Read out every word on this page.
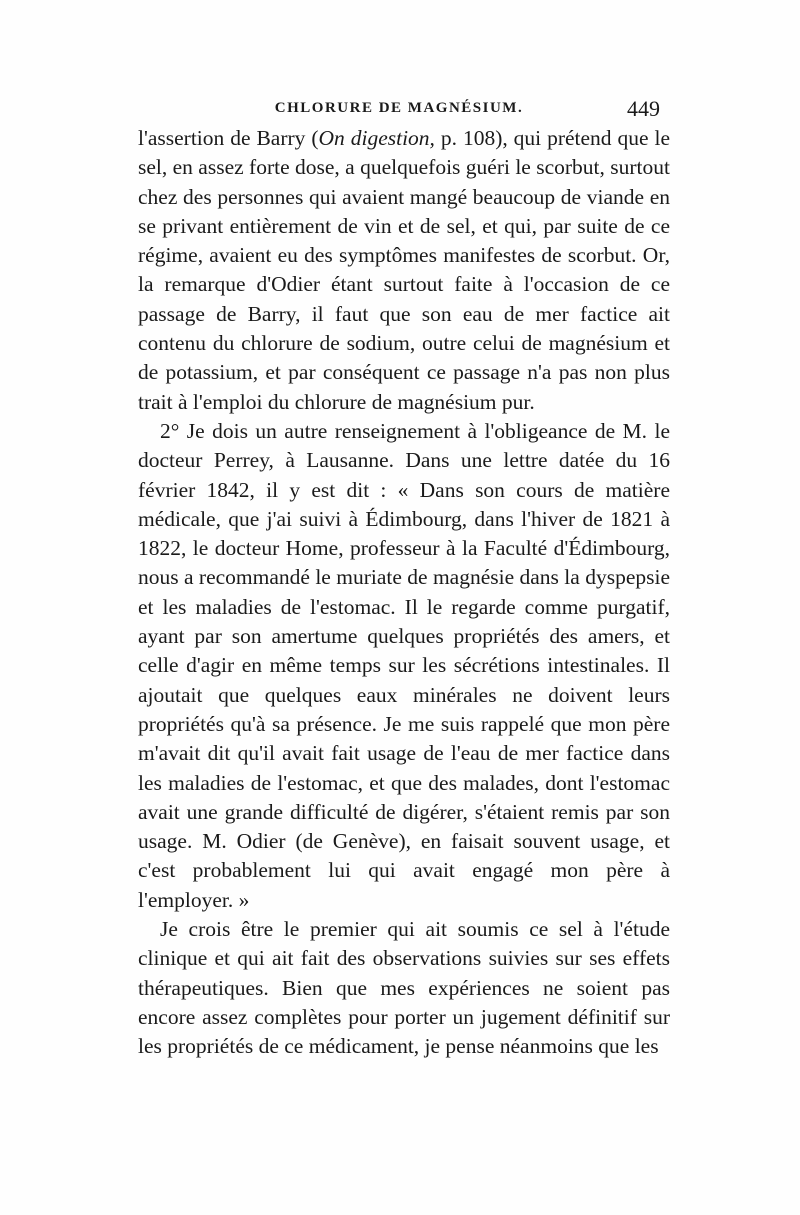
CHLORURE DE MAGNÉSIUM.	449

l'assertion de Barry (On digestion, p. 108), qui prétend que le sel, en assez forte dose, a quelquefois guéri le scorbut, surtout chez des personnes qui avaient mangé beaucoup de viande en se privant entièrement de vin et de sel, et qui, par suite de ce régime, avaient eu des symptômes manifestes de scorbut. Or, la remarque d'Odier étant surtout faite à l'occasion de ce passage de Barry, il faut que son eau de mer factice ait contenu du chlorure de sodium, outre celui de magnésium et de potassium, et par conséquent ce passage n'a pas non plus trait à l'emploi du chlorure de magnésium pur.

2° Je dois un autre renseignement à l'obligeance de M. le docteur Perrey, à Lausanne. Dans une lettre datée du 16 février 1842, il y est dit : « Dans son cours de matière médicale, que j'ai suivi à Édimbourg, dans l'hiver de 1821 à 1822, le docteur Home, professeur à la Faculté d'Édimbourg, nous a recommandé le muriate de magnésie dans la dyspepsie et les maladies de l'estomac. Il le regarde comme purgatif, ayant par son amertume quelques propriétés des amers, et celle d'agir en même temps sur les sécrétions intestinales. Il ajoutait que quelques eaux minérales ne doivent leurs propriétés qu'à sa présence. Je me suis rappelé que mon père m'avait dit qu'il avait fait usage de l'eau de mer factice dans les maladies de l'estomac, et que des malades, dont l'estomac avait une grande difficulté de digérer, s'étaient remis par son usage. M. Odier (de Genève), en faisait souvent usage, et c'est probablement lui qui avait engagé mon père à l'employer. »

Je crois être le premier qui ait soumis ce sel à l'étude clinique et qui ait fait des observations suivies sur ses effets thérapeutiques. Bien que mes expériences ne soient pas encore assez complètes pour porter un jugement définitif sur les propriétés de ce médicament, je pense néanmoins que les
